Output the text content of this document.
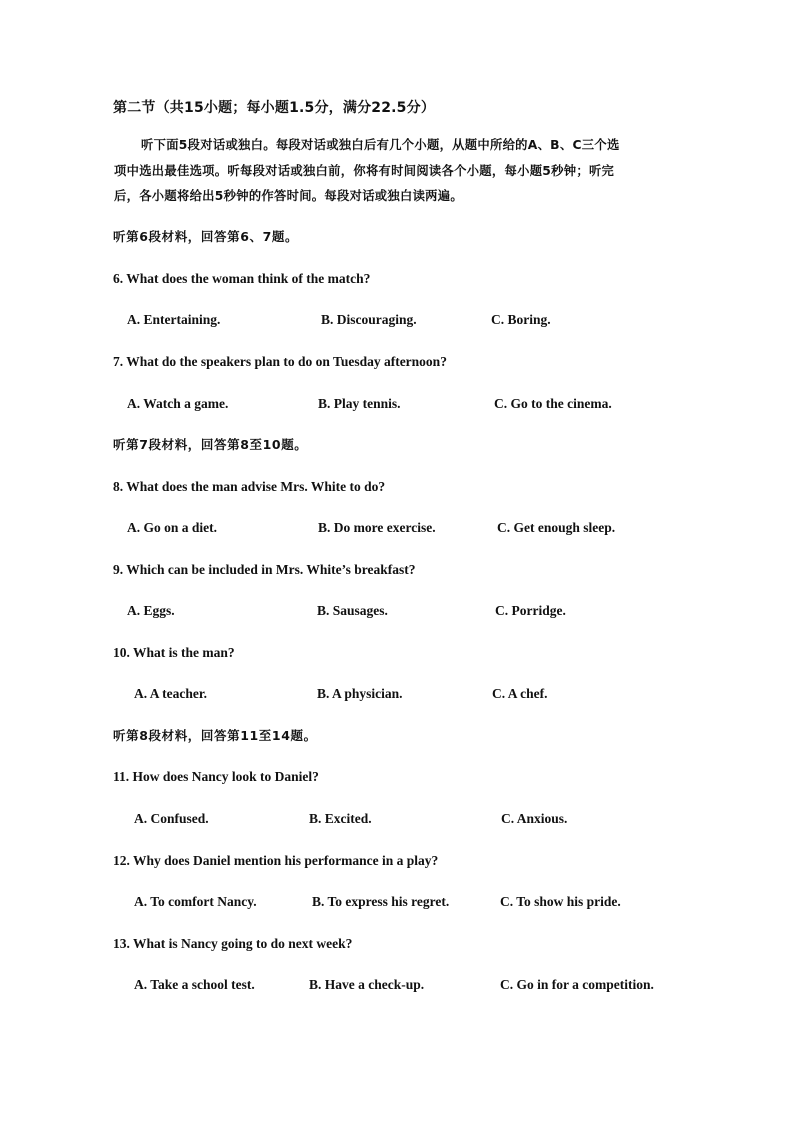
第二节（共15小题；每小题1.5分，满分22.5分）
听下面5段对话或独白。每段对话或独白后有几个小题，从题中所给的A、B、C三个选
项中选出最佳选项。听每段对话或独白前，你将有时间阅读各个小题，每小题5秒钟；听完
后，各小题将给出5秒钟的作答时间。每段对话或独白读两遍。
听第6段材料，回答第6、7题。
6. What does the woman think of the match?
A. Entertaining.	B. Discouraging.	C. Boring.
7. What do the speakers plan to do on Tuesday afternoon?
A. Watch a game.	B. Play tennis.	C. Go to the cinema.
听第7段材料，回答第8至10题。
8. What does the man advise Mrs. White to do?
A. Go on a diet.	B. Do more exercise.	C. Get enough sleep.
9. Which can be included in Mrs. White’s breakfast?
A. Eggs.	B. Sausages.	C. Porridge.
10. What is the man?
A. A teacher.	B. A physician.	C. A chef.
听第8段材料，回答第11至14题。
11. How does Nancy look to Daniel?
A. Confused.	B. Excited.	C. Anxious.
12. Why does Daniel mention his performance in a play?
A. To comfort Nancy.	B. To express his regret.	C. To show his pride.
13. What is Nancy going to do next week?
A. Take a school test.	B. Have a check-up.	C. Go in for a competition.
